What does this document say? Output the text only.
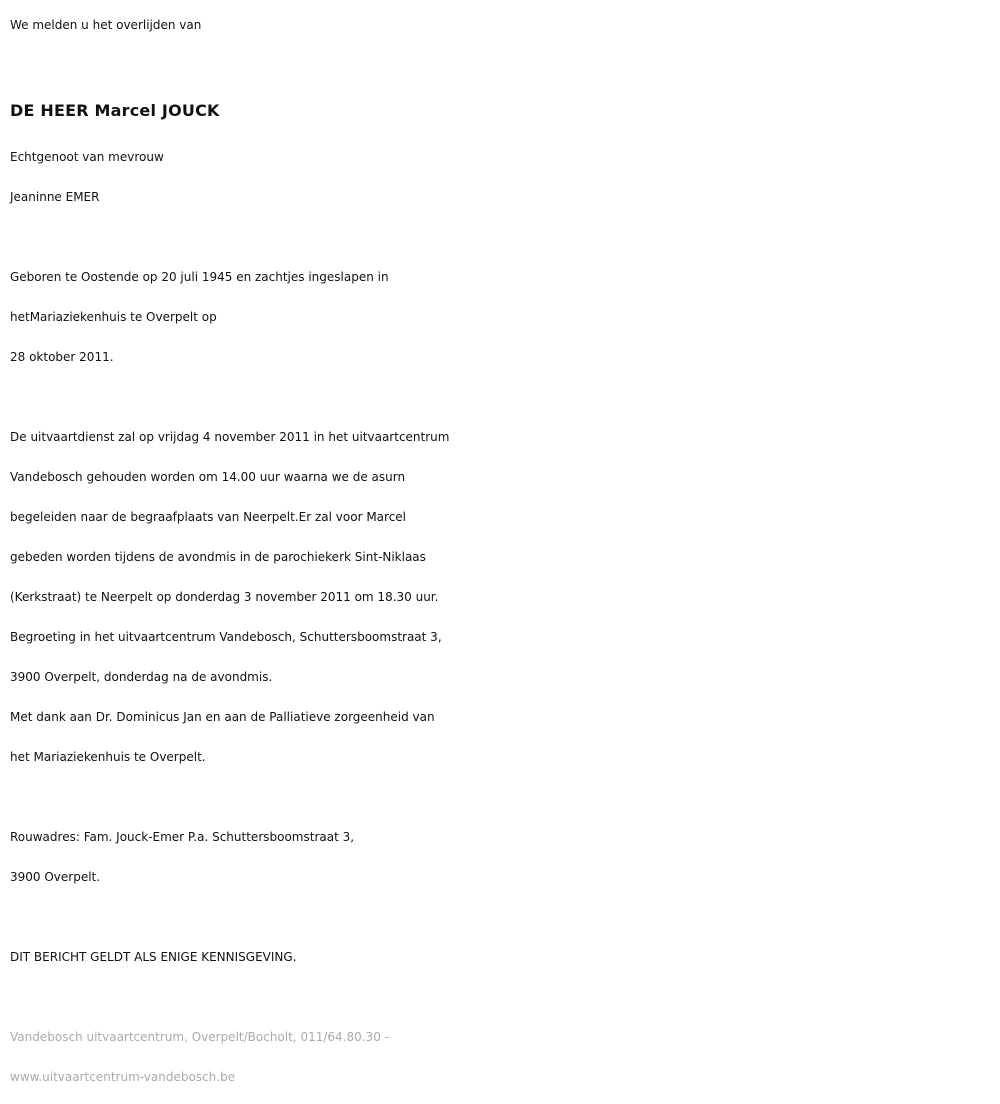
We melden u het overlijden van

DE HEER Marcel JOUCK

Echtgenoot van mevrouw

Jeaninne EMER

Geboren te Oostende op 20 juli 1945 en zachtjes ingeslapen in

hetMariaziekenhuis te Overpelt op

28 oktober 2011.

De uitvaartdienst zal op vrijdag 4 november 2011 in het uitvaartcentrum

Vandebosch gehouden worden om 14.00 uur waarna we de asurn

begeleiden naar de begraafplaats van Neerpelt.Er zal voor Marcel

gebeden worden tijdens de avondmis in de parochiekerk Sint-Niklaas

(Kerkstraat) te Neerpelt op donderdag 3 november 2011 om 18.30 uur.

Begroeting in het uitvaartcentrum Vandebosch, Schuttersboomstraat 3,

3900 Overpelt, donderdag na de avondmis.

Met dank aan Dr. Dominicus Jan en aan de Palliatieve zorgeenheid van

het Mariaziekenhuis te Overpelt.

Rouwadres: Fam. Jouck-Emer P.a. Schuttersboomstraat 3,

3900 Overpelt.

DIT BERICHT GELDT ALS ENIGE KENNISGEVING.

Vandebosch uitvaartcentrum, Overpelt/Bocholt, 011/64.80.30 -

www.uitvaartcentrum-vandebosch.be
